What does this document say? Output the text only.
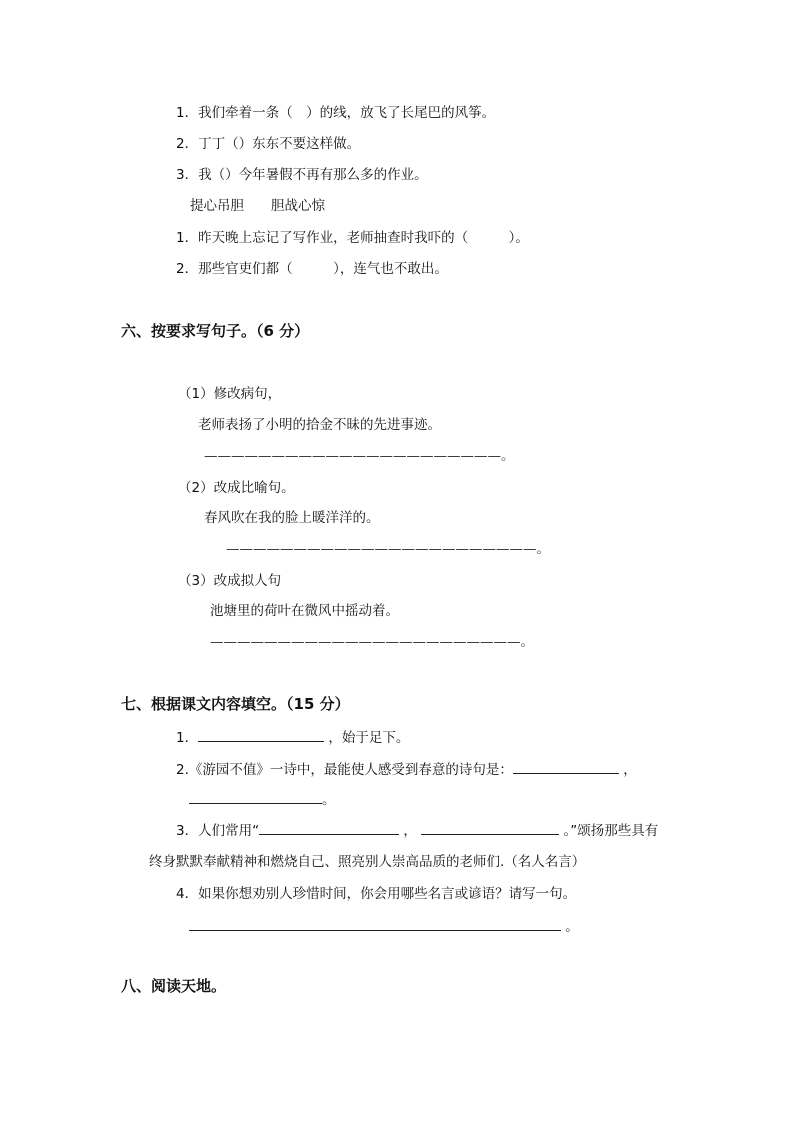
1．我们牵着一条（　）的线，放飞了长尾巴的风筝。
2．丁丁（）东东不要这样做。
3．我（）今年暑假不再有那么多的作业。
提心吊胆　　胆战心惊
1．昨天晚上忘记了写作业，老师抽查时我吓的（　　　）。
2．那些官吏们都（　　　），连气也不敢出。
六、按要求写句子。（6 分）
（1）修改病句，
老师表扬了小明的拾金不昧的先进事迹。
——————————————————————。
（2）改成比喻句。
春风吹在我的脸上暖洋洋的。
———————————————————————。
（3）改成拟人句
池塘里的荷叶在微风中摇动着。
———————————————————————。
七、根据课文内容填空。（15 分）
1．	，始于足下。
2.《游园不值》一诗中，最能使人感受到春意的诗句是：	，
。
3．人们常用“	，	。”颂扬那些具有
终身默默奉献精神和燃烧自己、照亮别人崇高品质的老师们.（名人名言）
4．如果你想劝别人珍惜时间，你会用哪些名言或谚语？请写一句。
。
八、阅读天地。
